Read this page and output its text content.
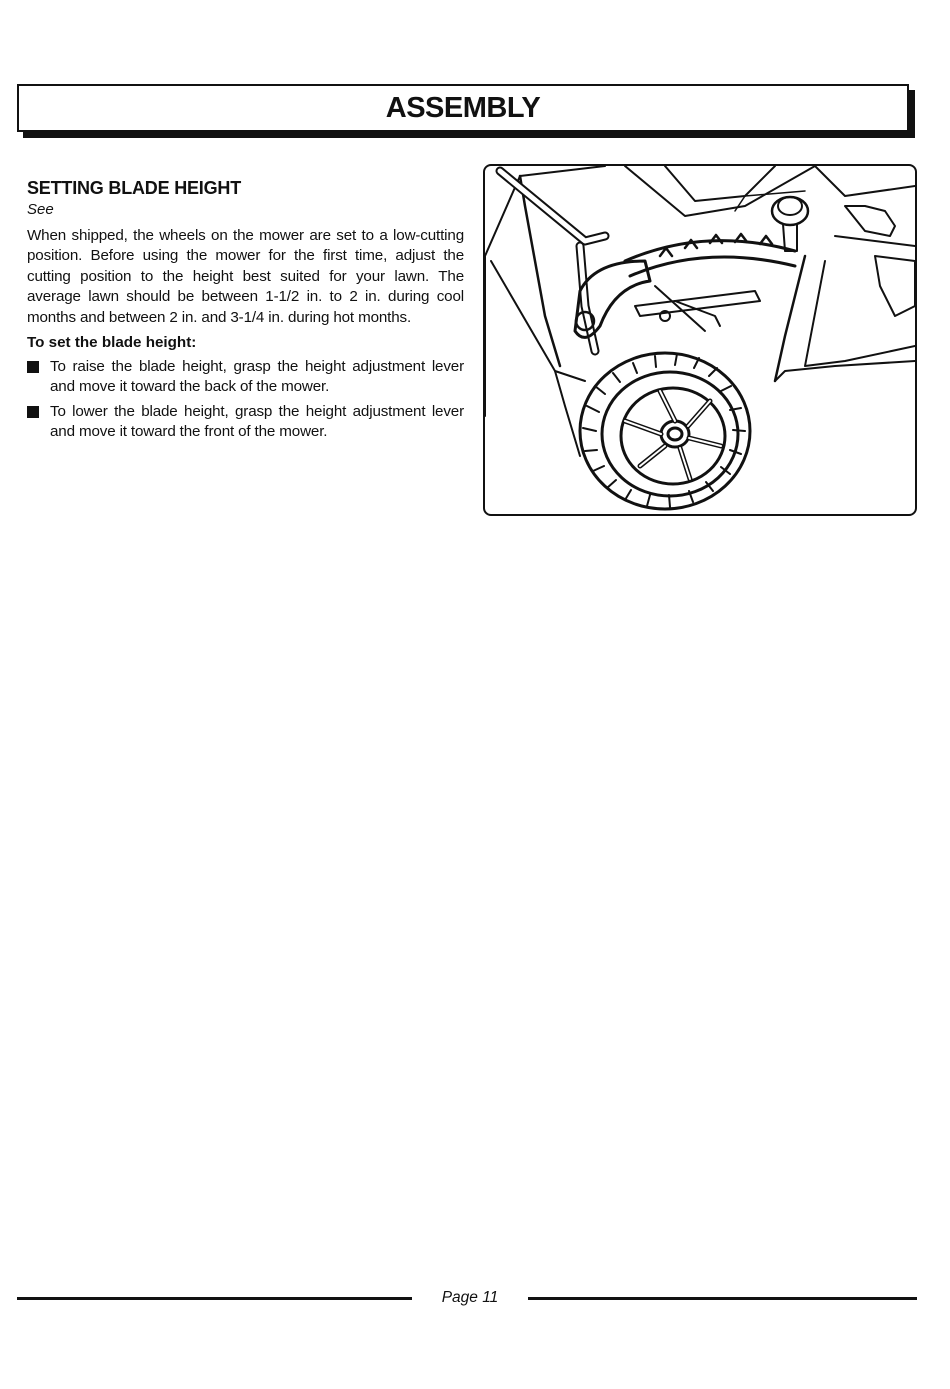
ASSEMBLY
SETTING BLADE HEIGHT

See

When shipped, the wheels on the mower are set to a low-cutting position. Before using the mower for the first time, adjust the cutting position to the height best suited for your lawn. The average lawn should be between 1-1/2 in. to 2 in. during cool months and between 2 in. and 3-1/4 in. during hot months.

To set the blade height:

To raise the blade height, grasp the height adjustment lever and move it toward the back of the mower.
To lower the blade height, grasp the height adjustment lever and move it toward the front of the mower.
Page 11
